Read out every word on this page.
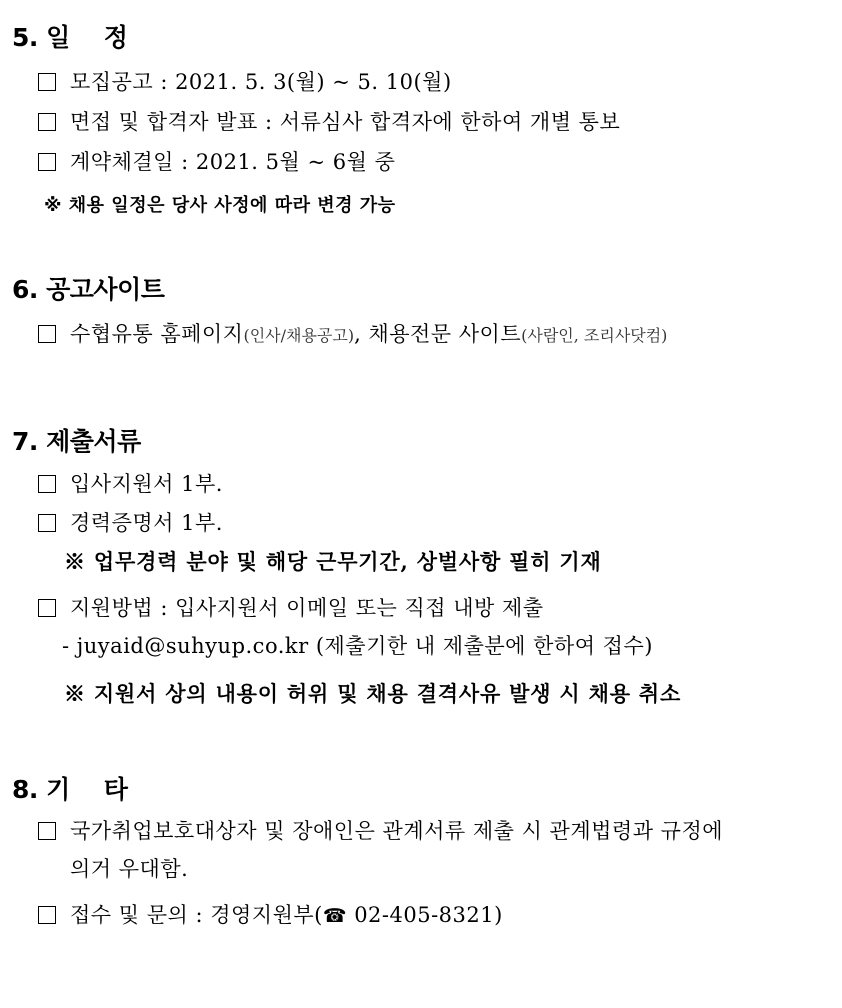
5. 일 정
모집공고 : 2021. 5. 3(월) ~ 5. 10(월)
면접 및 합격자 발표 : 서류심사 합격자에 한하여 개별 통보
계약체결일 : 2021. 5월 ~ 6월 중
※ 채용 일정은 당사 사정에 따라 변경 가능
6. 공고사이트
수협유통 홈페이지(인사/채용공고), 채용전문 사이트(사람인, 조리사닷컴)
7. 제출서류
입사지원서 1부.
경력증명서 1부.
※ 업무경력 분야 및 해당 근무기간, 상벌사항 필히 기재
지원방법 : 입사지원서 이메일 또는 직접 내방 제출
- juyaid@suhyup.co.kr (제출기한 내 제출분에 한하여 접수)
※ 지원서 상의 내용이 허위 및 채용 결격사유 발생 시 채용 취소
8. 기 타
국가취업보호대상자 및 장애인은 관계서류 제출 시 관계법령과 규정에
의거 우대함.
접수 및 문의 : 경영지원부(☎ 02-405-8321)
